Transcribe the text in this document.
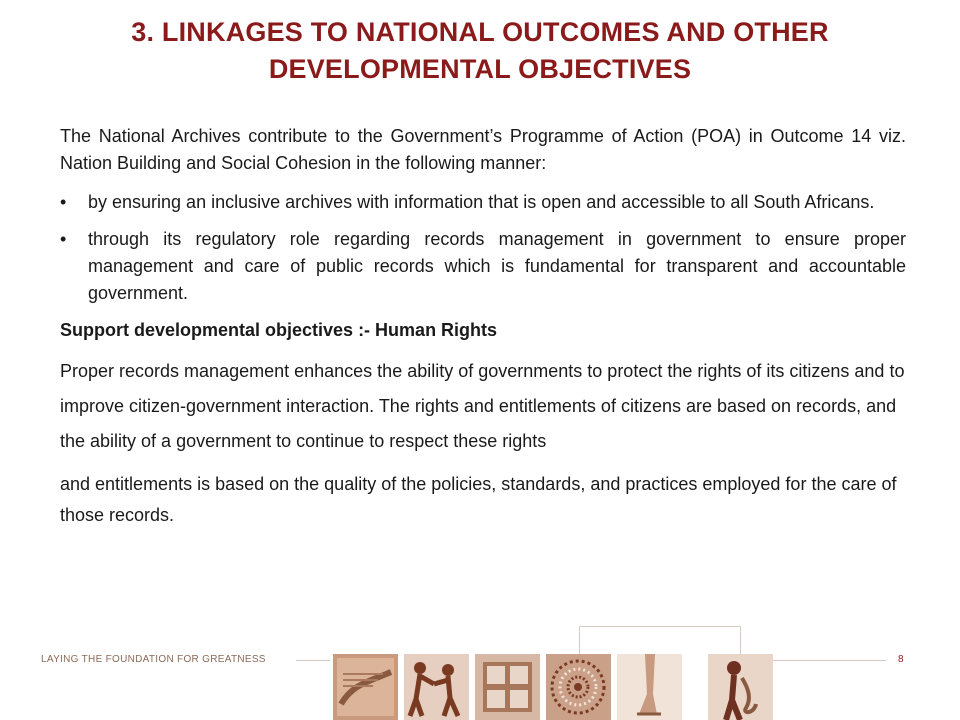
3. LINKAGES TO NATIONAL OUTCOMES AND OTHER DEVELOPMENTAL OBJECTIVES

The National Archives contribute to the Government’s Programme of Action (POA) in Outcome 14 viz. Nation Building and Social Cohesion in the following manner:

• by ensuring an inclusive archives with information that is open and accessible to all South Africans.
• through its regulatory role regarding records management in government to ensure proper management and care of public records which is fundamental for transparent and accountable government.

Support developmental objectives :- Human Rights

Proper records management enhances the ability of governments to protect the rights of its citizens and to improve citizen-government interaction. The rights and entitlements of citizens are based on records, and the ability of a government to continue to respect these rights

and entitlements is based on the quality of the policies, standards, and practices employed for the care of those records.

LAYING THE FOUNDATION FOR GREATNESS	8
